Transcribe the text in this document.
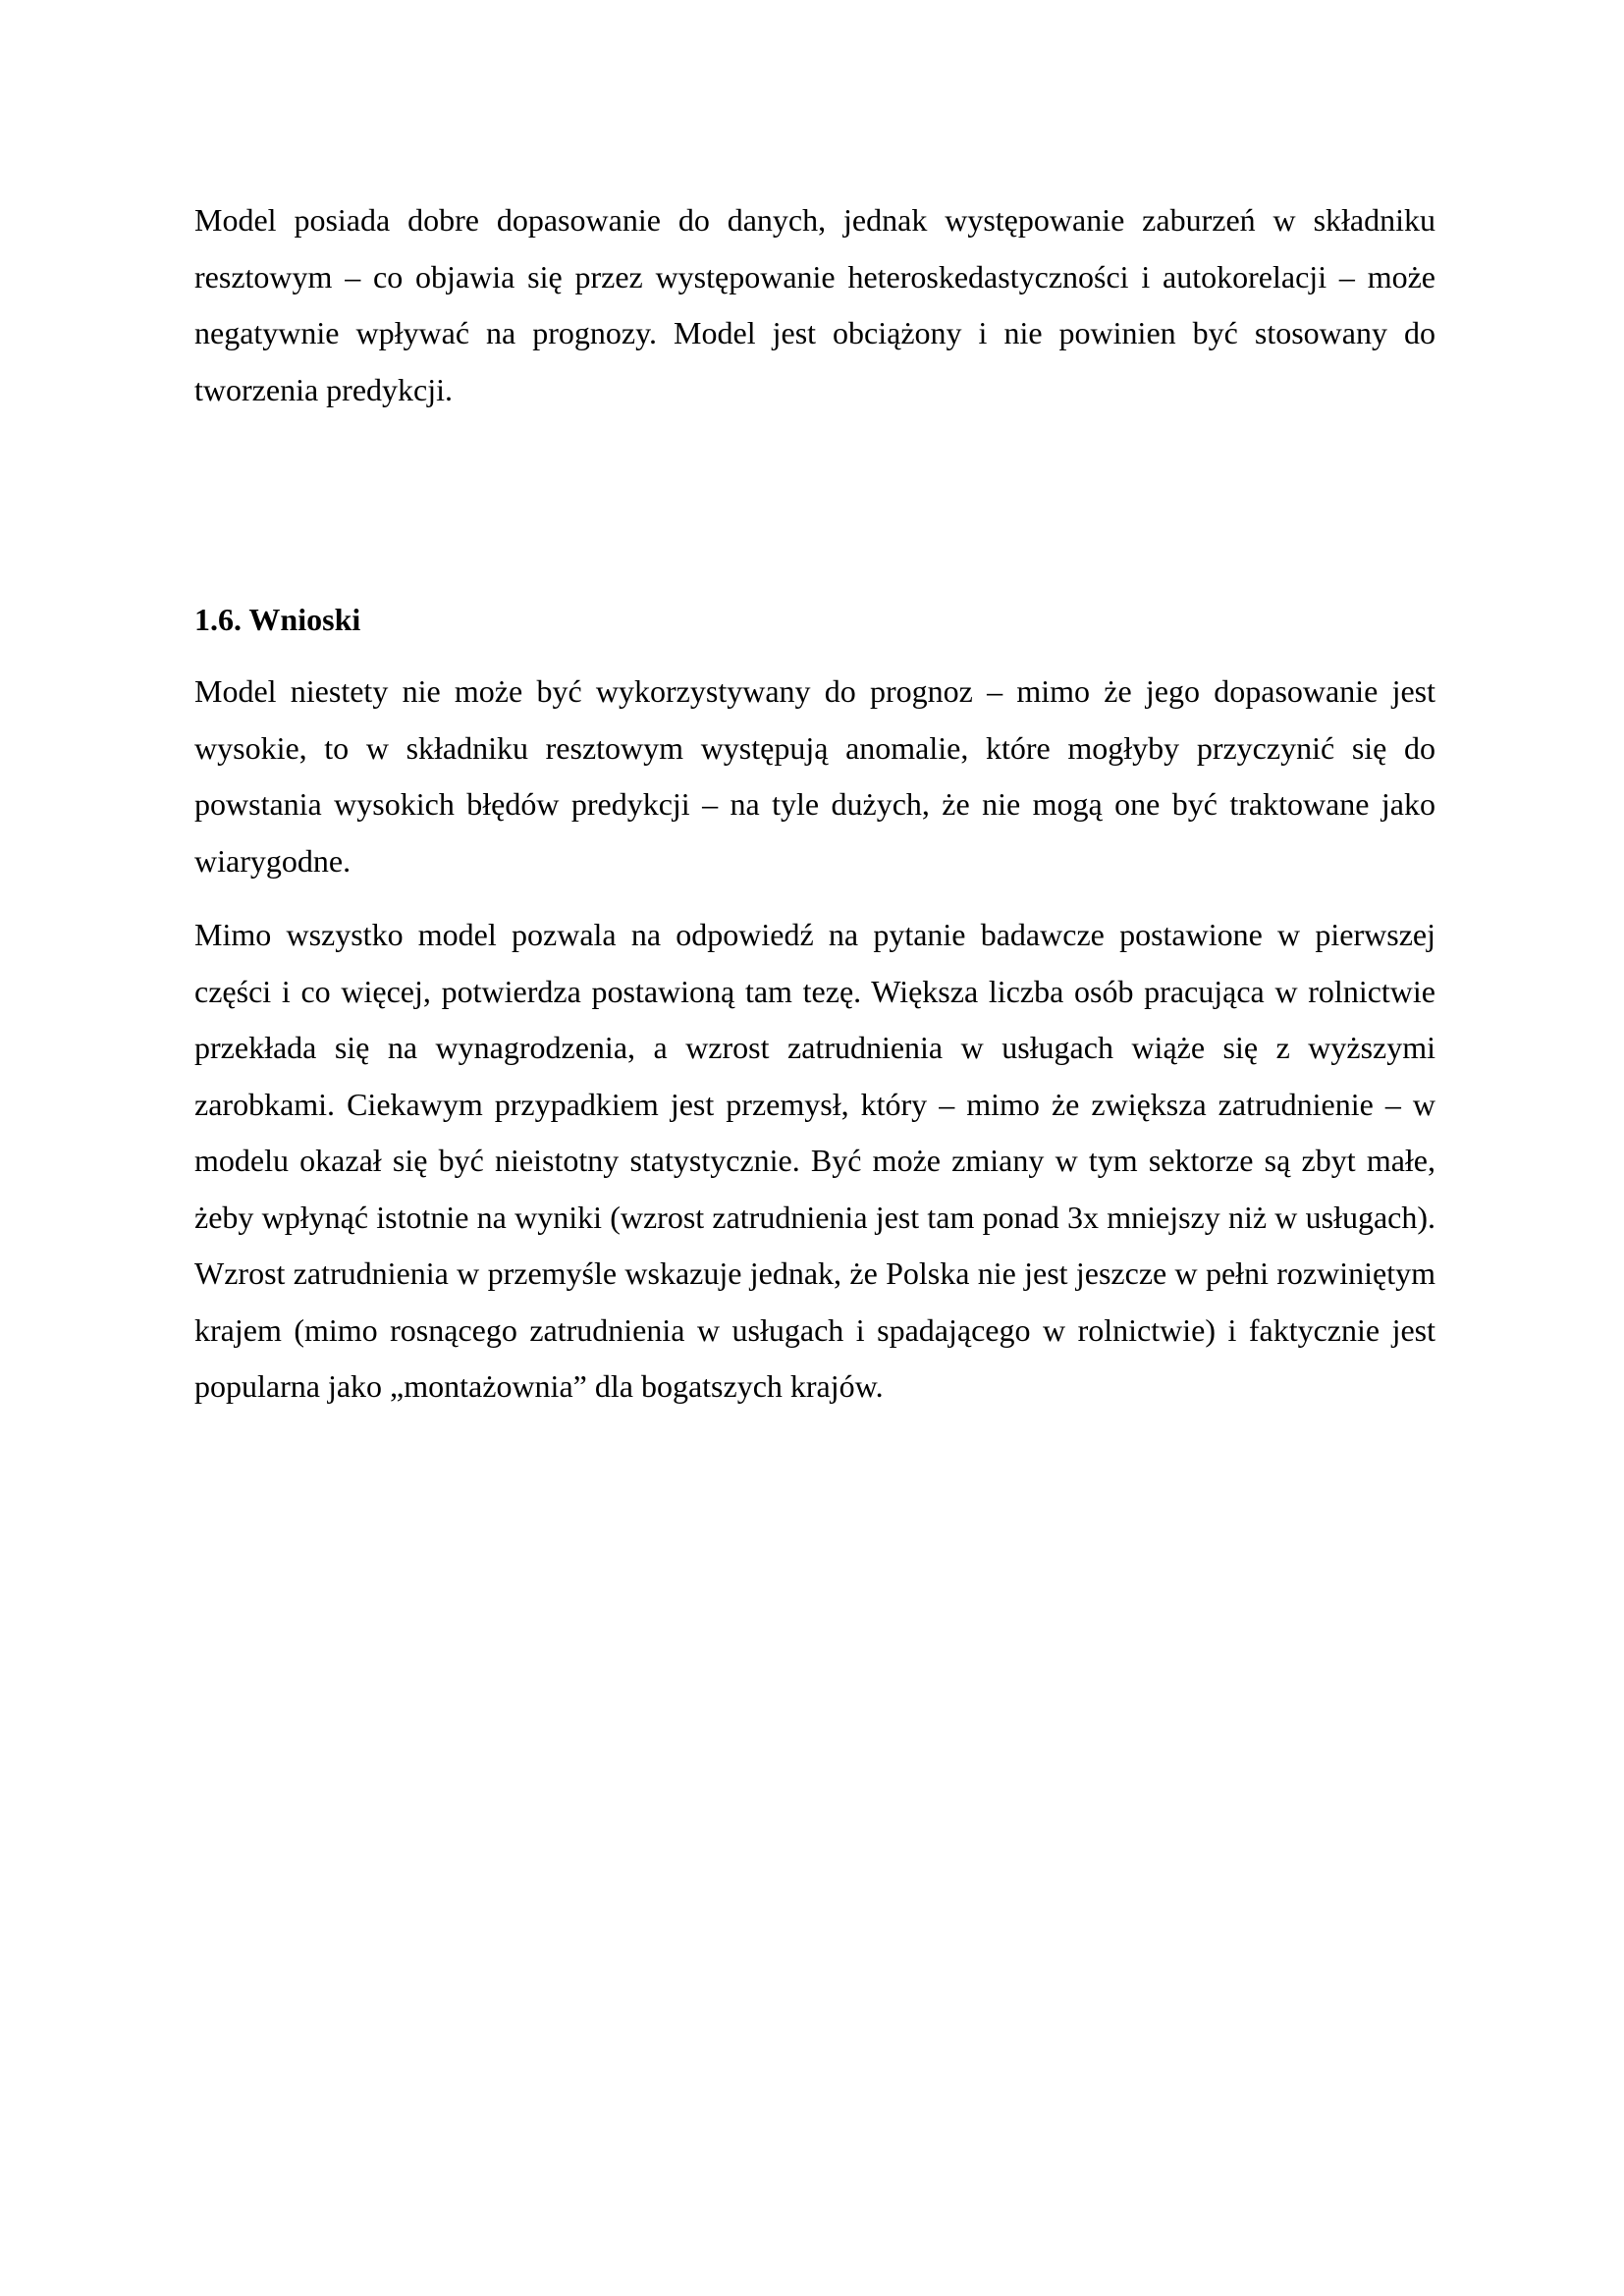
Model posiada dobre dopasowanie do danych, jednak występowanie zaburzeń w składniku resztowym – co objawia się przez występowanie heteroskedastyczności i autokorelacji – może negatywnie wpływać na prognozy. Model jest obciążony i nie powinien być stosowany do tworzenia predykcji.

1.6. Wnioski

Model niestety nie może być wykorzystywany do prognoz – mimo że jego dopasowanie jest wysokie, to w składniku resztowym występują anomalie, które mogłyby przyczynić się do powstania wysokich błędów predykcji – na tyle dużych, że nie mogą one być traktowane jako wiarygodne.

Mimo wszystko model pozwala na odpowiedź na pytanie badawcze postawione w pierwszej części i co więcej, potwierdza postawioną tam tezę. Większa liczba osób pracująca w rolnictwie przekłada się na wynagrodzenia, a wzrost zatrudnienia w usługach wiąże się z wyższymi zarobkami. Ciekawym przypadkiem jest przemysł, który – mimo że zwiększa zatrudnienie – w modelu okazał się być nieistotny statystycznie. Być może zmiany w tym sektorze są zbyt małe, żeby wpłynąć istotnie na wyniki (wzrost zatrudnienia jest tam ponad 3x mniejszy niż w usługach). Wzrost zatrudnienia w przemyśle wskazuje jednak, że Polska nie jest jeszcze w pełni rozwiniętym krajem (mimo rosnącego zatrudnienia w usługach i spadającego w rolnictwie) i faktycznie jest popularna jako „montażownia” dla bogatszych krajów.
